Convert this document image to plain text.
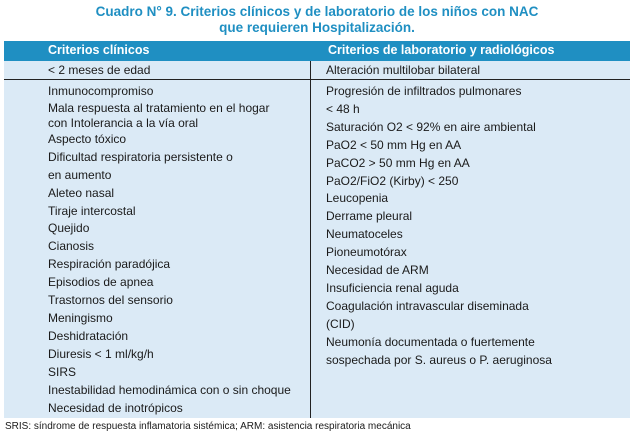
Cuadro N° 9. Criterios clínicos y de laboratorio de los niños con NAC
que requieren Hospitalización.
Criterios clínicos	Criterios de laboratorio y radiológicos
< 2 meses de edad	Alteración multilobar bilateral
Inmunocompromiso
Mala respuesta al tratamiento en el hogar
con Intolerancia a la vía oral
Aspecto tóxico
Dificultad respiratoria persistente o
en aumento
Aleteo nasal
Tiraje intercostal
Quejido
Cianosis
Respiración paradójica
Episodios de apnea
Trastornos del sensorio
Meningismo
Deshidratación
Diuresis < 1 ml/kg/h
SIRS
Inestabilidad hemodinámica con o sin choque
Necesidad de inotrópicos
Progresión de infiltrados pulmonares
< 48 h
Saturación O2 < 92% en aire ambiental
PaO2 < 50 mm Hg en AA
PaCO2 > 50 mm Hg en AA
PaO2/FiO2 (Kirby) < 250
Leucopenia
Derrame pleural
Neumatoceles
Pioneumotórax
Necesidad de ARM
Insuficiencia renal aguda
Coagulación intravascular diseminada
(CID)
Neumonía documentada o fuertemente
sospechada por S. aureus o P. aeruginosa
SRIS: síndrome de respuesta inflamatoria sistémica; ARM: asistencia respiratoria mecánica
